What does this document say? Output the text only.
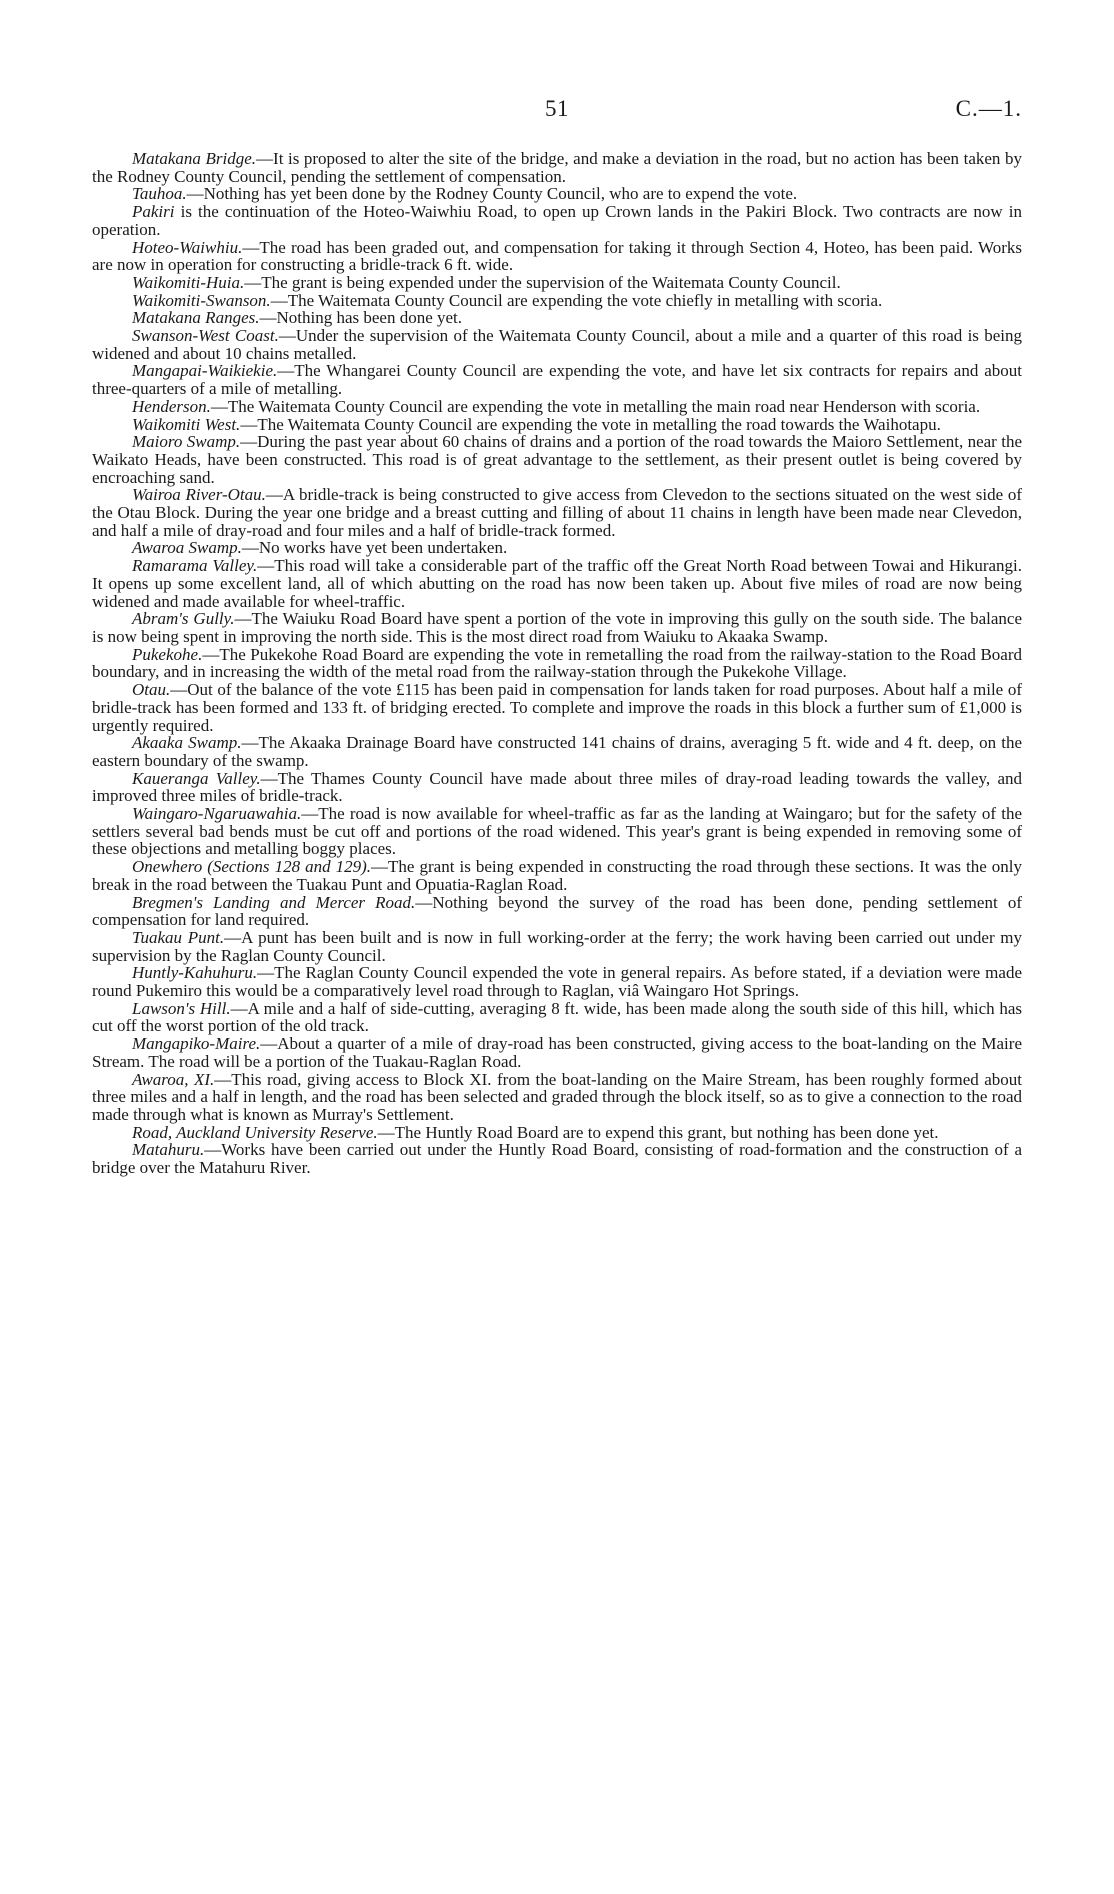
51	C.—1.

Matakana Bridge.—It is proposed to alter the site of the bridge, and make a deviation in the road, but no action has been taken by the Rodney County Council, pending the settlement of compensation.

Tauhoa.—Nothing has yet been done by the Rodney County Council, who are to expend the vote.

Pakiri is the continuation of the Hoteo-Waiwhiu Road, to open up Crown lands in the Pakiri Block. Two contracts are now in operation.

Hoteo-Waiwhiu.—The road has been graded out, and compensation for taking it through Section 4, Hoteo, has been paid. Works are now in operation for constructing a bridle-track 6 ft. wide.

Waikomiti-Huia.—The grant is being expended under the supervision of the Waitemata County Council.

Waikomiti-Swanson.—The Waitemata County Council are expending the vote chiefly in metalling with scoria.

Matakana Ranges.—Nothing has been done yet.

Swanson-West Coast.—Under the supervision of the Waitemata County Council, about a mile and a quarter of this road is being widened and about 10 chains metalled.

Mangapai-Waikiekie.—The Whangarei County Council are expending the vote, and have let six contracts for repairs and about three-quarters of a mile of metalling.

Henderson.—The Waitemata County Council are expending the vote in metalling the main road near Henderson with scoria.

Waikomiti West.—The Waitemata County Council are expending the vote in metalling the road towards the Waihotapu.

Maioro Swamp.—During the past year about 60 chains of drains and a portion of the road towards the Maioro Settlement, near the Waikato Heads, have been constructed. This road is of great advantage to the settlement, as their present outlet is being covered by encroaching sand.

Wairoa River-Otau.—A bridle-track is being constructed to give access from Clevedon to the sections situated on the west side of the Otau Block. During the year one bridge and a breast cutting and filling of about 11 chains in length have been made near Clevedon, and half a mile of dray-road and four miles and a half of bridle-track formed.

Awaroa Swamp.—No works have yet been undertaken.

Ramarama Valley.—This road will take a considerable part of the traffic off the Great North Road between Towai and Hikurangi. It opens up some excellent land, all of which abutting on the road has now been taken up. About five miles of road are now being widened and made available for wheel-traffic.

Abram's Gully.—The Waiuku Road Board have spent a portion of the vote in improving this gully on the south side. The balance is now being spent in improving the north side. This is the most direct road from Waiuku to Akaaka Swamp.

Pukekohe.—The Pukekohe Road Board are expending the vote in remetalling the road from the railway-station to the Road Board boundary, and in increasing the width of the metal road from the railway-station through the Pukekohe Village.

Otau.—Out of the balance of the vote £115 has been paid in compensation for lands taken for road purposes. About half a mile of bridle-track has been formed and 133 ft. of bridging erected. To complete and improve the roads in this block a further sum of £1,000 is urgently required.

Akaaka Swamp.—The Akaaka Drainage Board have constructed 141 chains of drains, averaging 5 ft. wide and 4 ft. deep, on the eastern boundary of the swamp.

Kaueranga Valley.—The Thames County Council have made about three miles of dray-road leading towards the valley, and improved three miles of bridle-track.

Waingaro-Ngaruawahia.—The road is now available for wheel-traffic as far as the landing at Waingaro; but for the safety of the settlers several bad bends must be cut off and portions of the road widened. This year's grant is being expended in removing some of these objections and metalling boggy places.

Onewhero (Sections 128 and 129).—The grant is being expended in constructing the road through these sections. It was the only break in the road between the Tuakau Punt and Opuatia-Raglan Road.

Bregmen's Landing and Mercer Road.—Nothing beyond the survey of the road has been done, pending settlement of compensation for land required.

Tuakau Punt.—A punt has been built and is now in full working-order at the ferry; the work having been carried out under my supervision by the Raglan County Council.

Huntly-Kahuhuru.—The Raglan County Council expended the vote in general repairs. As before stated, if a deviation were made round Pukemiro this would be a comparatively level road through to Raglan, viâ Waingaro Hot Springs.

Lawson's Hill.—A mile and a half of side-cutting, averaging 8 ft. wide, has been made along the south side of this hill, which has cut off the worst portion of the old track.

Mangapiko-Maire.—About a quarter of a mile of dray-road has been constructed, giving access to the boat-landing on the Maire Stream. The road will be a portion of the Tuakau-Raglan Road.

Awaroa, XI.—This road, giving access to Block XI. from the boat-landing on the Maire Stream, has been roughly formed about three miles and a half in length, and the road has been selected and graded through the block itself, so as to give a connection to the road made through what is known as Murray's Settlement.

Road, Auckland University Reserve.—The Huntly Road Board are to expend this grant, but nothing has been done yet.

Matahuru.—Works have been carried out under the Huntly Road Board, consisting of road-formation and the construction of a bridge over the Matahuru River.
